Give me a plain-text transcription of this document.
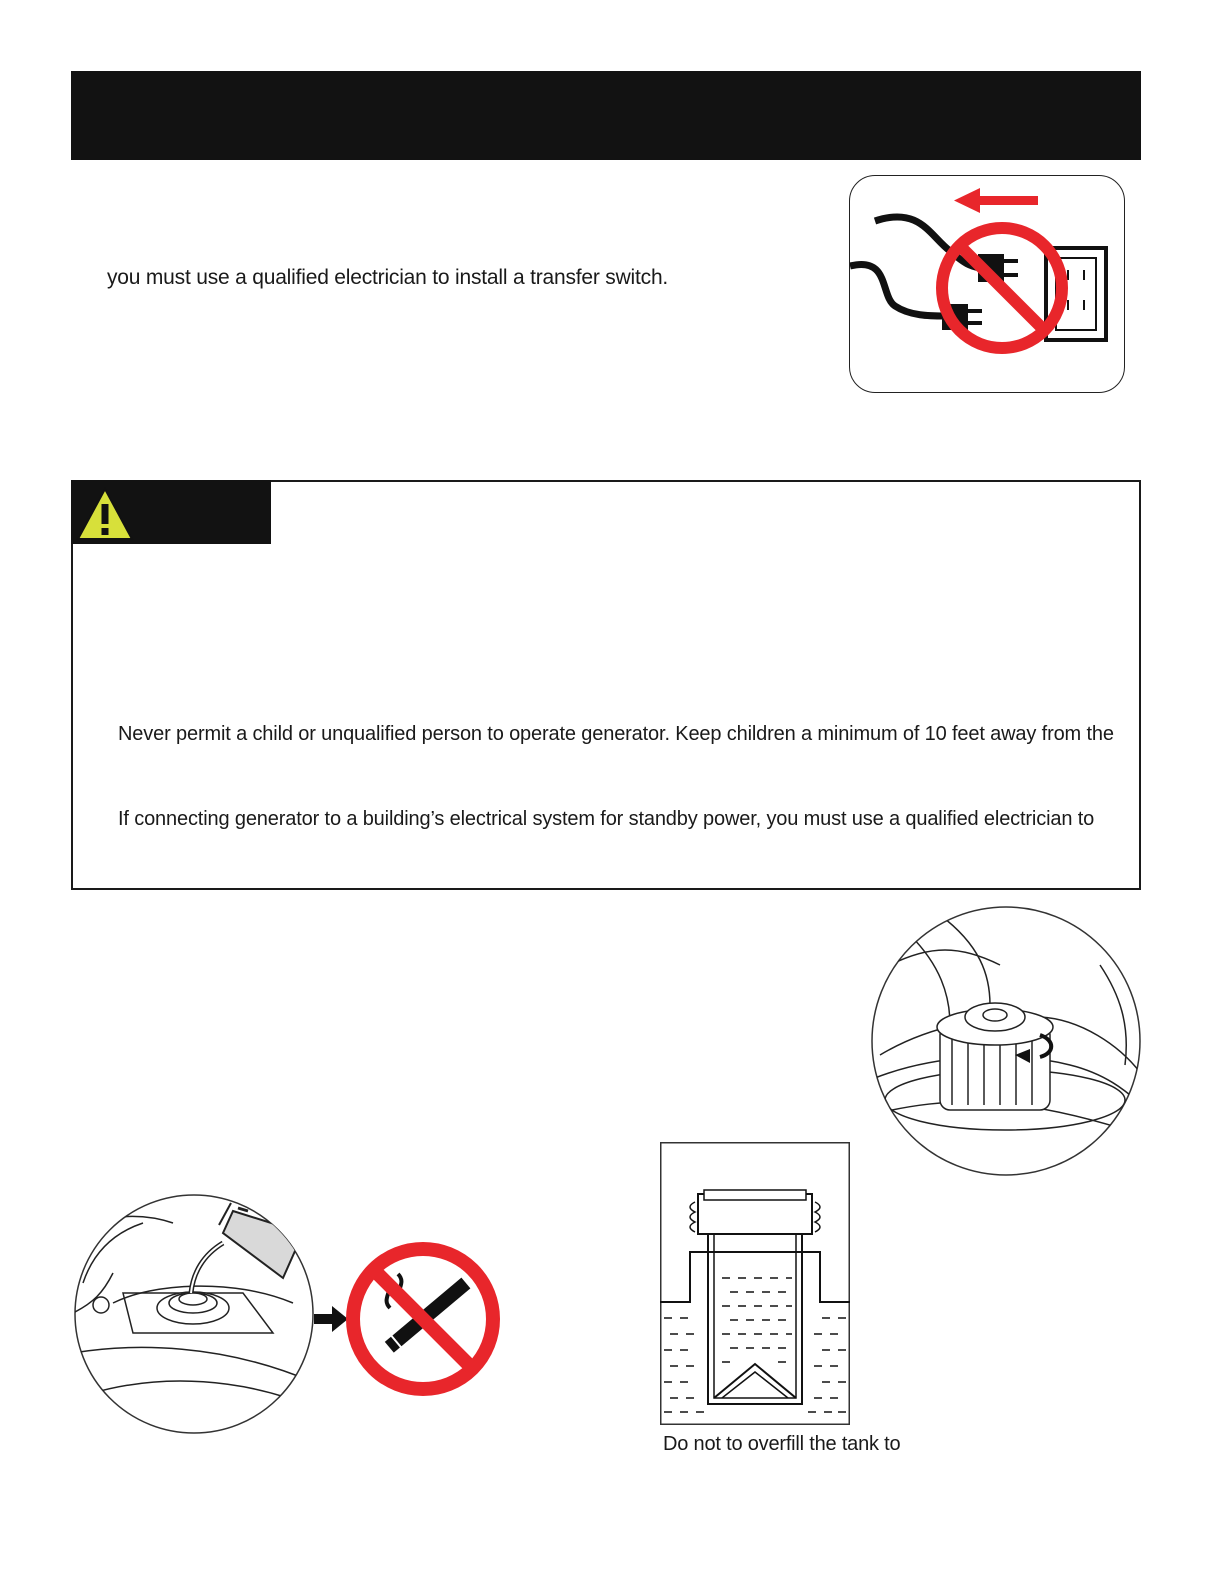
you must use a qualified electrician to install a transfer switch.
Never permit a child or unqualified person to operate generator. Keep children a minimum of 10 feet away from the
If connecting generator to a building’s electrical system for standby power, you must use a qualified electrician to
Do not to overfill the tank to
